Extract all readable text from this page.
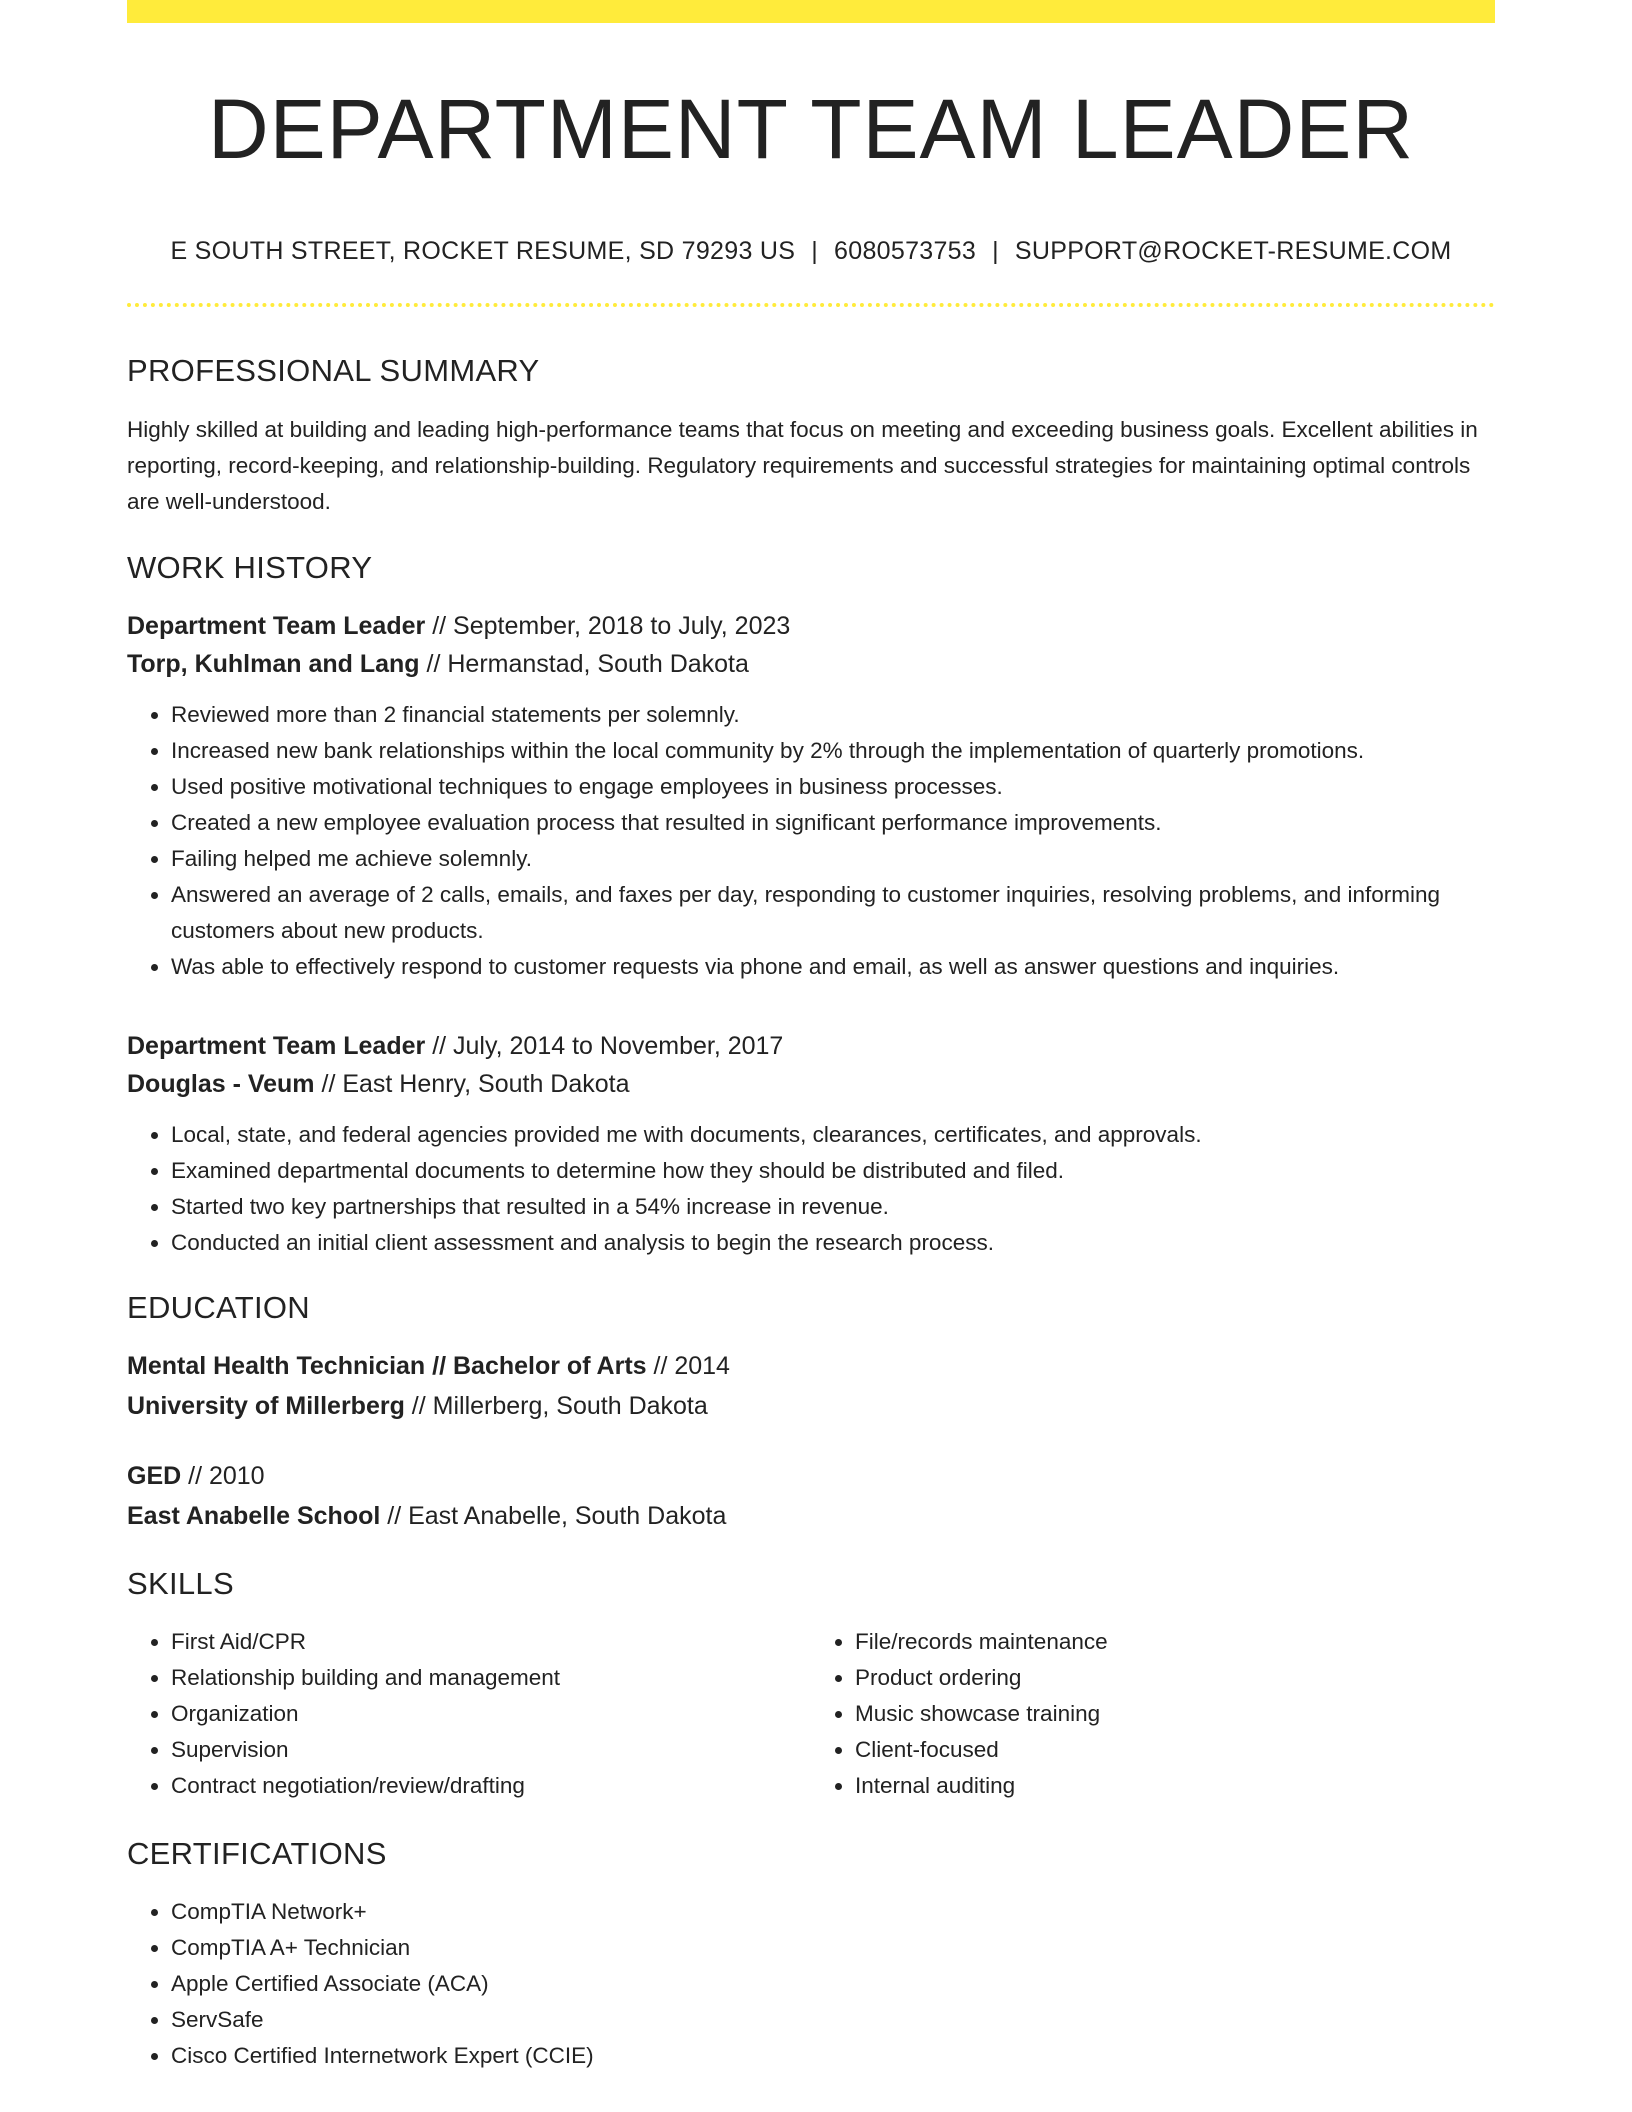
DEPARTMENT TEAM LEADER
E SOUTH STREET, ROCKET RESUME, SD 79293 US | 6080573753 | SUPPORT@ROCKET-RESUME.COM
PROFESSIONAL SUMMARY

Highly skilled at building and leading high-performance teams that focus on meeting and exceeding business goals. Excellent abilities in reporting, record-keeping, and relationship-building. Regulatory requirements and successful strategies for maintaining optimal controls are well-understood.

WORK HISTORY
Department Team Leader // September, 2018 to July, 2023
Torp, Kuhlman and Lang // Hermanstad, South Dakota
• Reviewed more than 2 financial statements per solemnly.
• Increased new bank relationships within the local community by 2% through the implementation of quarterly promotions.
• Used positive motivational techniques to engage employees in business processes.
• Created a new employee evaluation process that resulted in significant performance improvements.
• Failing helped me achieve solemnly.
• Answered an average of 2 calls, emails, and faxes per day, responding to customer inquiries, resolving problems, and informing customers about new products.
• Was able to effectively respond to customer requests via phone and email, as well as answer questions and inquiries.
Department Team Leader // July, 2014 to November, 2017
Douglas - Veum // East Henry, South Dakota
• Local, state, and federal agencies provided me with documents, clearances, certificates, and approvals.
• Examined departmental documents to determine how they should be distributed and filed.
• Started two key partnerships that resulted in a 54% increase in revenue.
• Conducted an initial client assessment and analysis to begin the research process.
EDUCATION
Mental Health Technician // Bachelor of Arts // 2014
University of Millerberg // Millerberg, South Dakota
GED // 2010
East Anabelle School // East Anabelle, South Dakota
SKILLS
• First Aid/CPR
• Relationship building and management
• Organization
• Supervision
• Contract negotiation/review/drafting
• File/records maintenance
• Product ordering
• Music showcase training
• Client-focused
• Internal auditing
CERTIFICATIONS
• CompTIA Network+
• CompTIA A+ Technician
• Apple Certified Associate (ACA)
• ServSafe
• Cisco Certified Internetwork Expert (CCIE)
